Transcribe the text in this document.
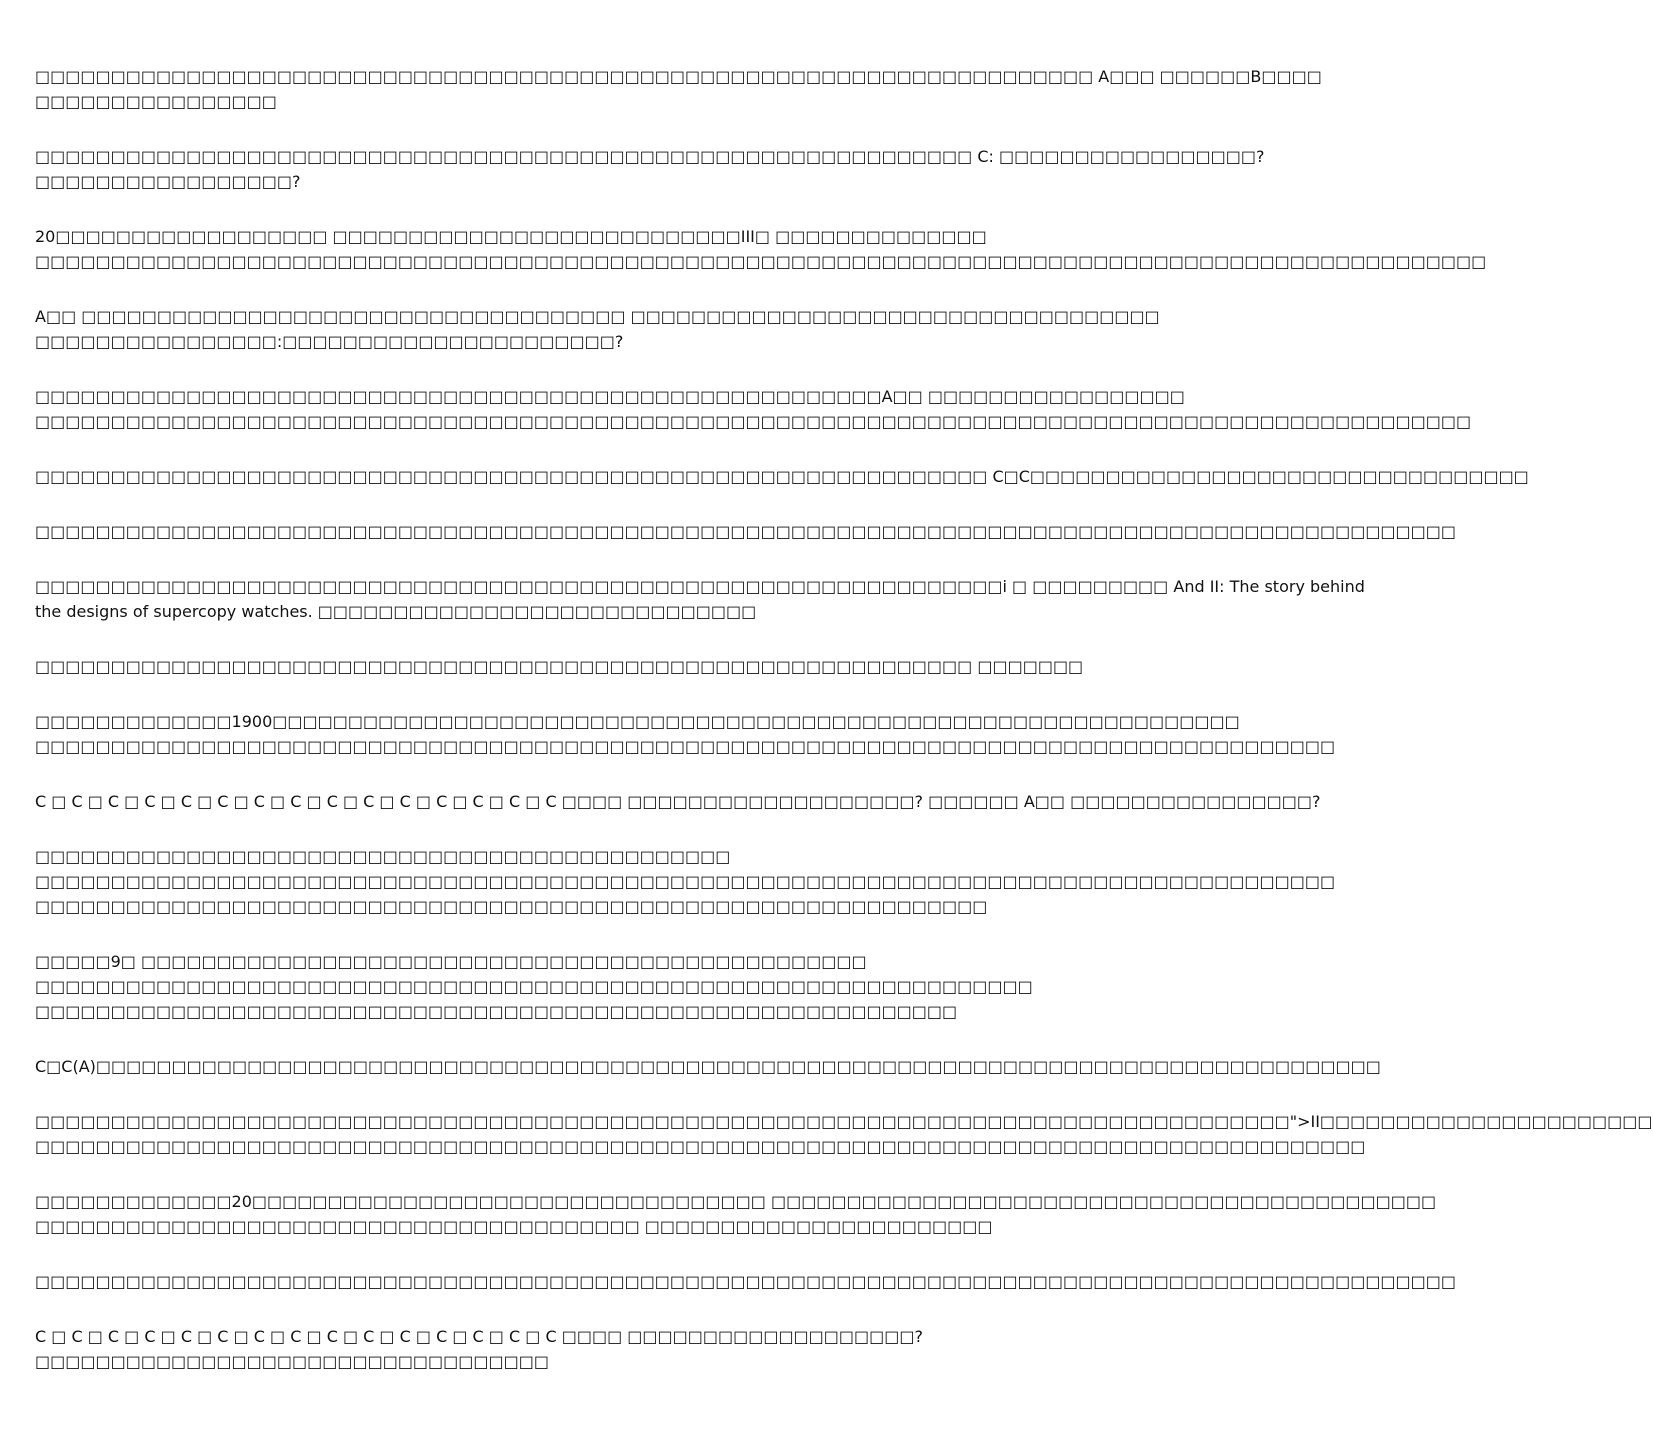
□□□□□□□□□□□□□□□□□□□□□□□□□□□□□□□□□□□□□□□□□□□□□□□□□□□□□□□□□□□□□□□□□□□□□□ A□□□ □□□□□□B□□□□
□□□□□□□□□□□□□□□□

□□□□□□□□□□□□□□□□□□□□□□□□□□□□□□□□□□□□□□□□□□□□□□□□□□□□□□□□□□□□□□ C: □□□□□□□□□□□□□□□□□?
□□□□□□□□□□□□□□□□□?

20□□□□□□□□□□□□□□□□□□ □□□□□□□□□□□□□□□□□□□□□□□□□□□III□ □□□□□□□□□□□□□□
□□□□□□□□□□□□□□□□□□□□□□□□□□□□□□□□□□□□□□□□□□□□□□□□□□□□□□□□□□□□□□□□□□□□□□□□□□□□□□□□□□□□□□□□□□□□□□□□

A□□ □□□□□□□□□□□□□□□□□□□□□□□□□□□□□□□□□□□□ □□□□□□□□□□□□□□□□□□□□□□□□□□□□□□□□□□□
□□□□□□□□□□□□□□□□:□□□□□□□□□□□□□□□□□□□□□□?

□□□□□□□□□□□□□□□□□□□□□□□□□□□□□□□□□□□□□□□□□□□□□□□□□□□□□□□□A□□ □□□□□□□□□□□□□□□□□
□□□□□□□□□□□□□□□□□□□□□□□□□□□□□□□□□□□□□□□□□□□□□□□□□□□□□□□□□□□□□□□□□□□□□□□□□□□□□□□□□□□□□□□□□□□□□□□

□□□□□□□□□□□□□□□□□□□□□□□□□□□□□□□□□□□□□□□□□□□□□□□□□□□□□□□□□□□□□□□ C□C□□□□□□□□□□□□□□□□□□□□□□□□□□□□□□□□□

□□□□□□□□□□□□□□□□□□□□□□□□□□□□□□□□□□□□□□□□□□□□□□□□□□□□□□□□□□□□□□□□□□□□□□□□□□□□□□□□□□□□□□□□□□□□□□

□□□□□□□□□□□□□□□□□□□□□□□□□□□□□□□□□□□□□□□□□□□□□□□□□□□□□□□□□□□□□□□□i □ □□□□□□□□□ And II: The story behind
the designs of supercopy watches. □□□□□□□□□□□□□□□□□□□□□□□□□□□□□

□□□□□□□□□□□□□□□□□□□□□□□□□□□□□□□□□□□□□□□□□□□□□□□□□□□□□□□□□□□□□□ □□□□□□□

□□□□□□□□□□□□□1900□□□□□□□□□□□□□□□□□□□□□□□□□□□□□□□□□□□□□□□□□□□□□□□□□□□□□□□□□□□□□□□□
□□□□□□□□□□□□□□□□□□□□□□□□□□□□□□□□□□□□□□□□□□□□□□□□□□□□□□□□□□□□□□□□□□□□□□□□□□□□□□□□□□□□□□

C □ C □ C □ C □ C □ C □ C □ C □ C □ C □ C □ C □ C □ C □ C □□□□ □□□□□□□□□□□□□□□□□□□? □□□□□□ A□□ □□□□□□□□□□□□□□□□?

□□□□□□□□□□□□□□□□□□□□□□□□□□□□□□□□□□□□□□□□□□□□□□
□□□□□□□□□□□□□□□□□□□□□□□□□□□□□□□□□□□□□□□□□□□□□□□□□□□□□□□□□□□□□□□□□□□□□□□□□□□□□□□□□□□□□□
□□□□□□□□□□□□□□□□□□□□□□□□□□□□□□□□□□□□□□□□□□□□□□□□□□□□□□□□□□□□□□□

□□□□□9□ □□□□□□□□□□□□□□□□□□□□□□□□□□□□□□□□□□□□□□□□□□□□□□□□
□□□□□□□□□□□□□□□□□□□□□□□□□□□□□□□□□□□□□□□□□□□□□□□□□□□□□□□□□□□□□□□□□□
□□□□□□□□□□□□□□□□□□□□□□□□□□□□□□□□□□□□□□□□□□□□□□□□□□□□□□□□□□□□□

C□C(A)□□□□□□□□□□□□□□□□□□□□□□□□□□□□□□□□□□□□□□□□□□□□□□□□□□□□□□□□□□□□□□□□□□□□□□□□□□□□□□□□□□□□□

□□□□□□□□□□□□□□□□□□□□□□□□□□□□□□□□□□□□□□□□□□□□□□□□□□□□□□□□□□□□□□□□□□□□□□□□□□□□□□□□□□□">II□□□□□□□□□□□□□□□□□□□□□□
□□□□□□□□□□□□□□□□□□□□□□□□□□□□□□□□□□□□□□□□□□□□□□□□□□□□□□□□□□□□□□□□□□□□□□□□□□□□□□□□□□□□□□□□

□□□□□□□□□□□□□20□□□□□□□□□□□□□□□□□□□□□□□□□□□□□□□□□□ □□□□□□□□□□□□□□□□□□□□□□□□□□□□□□□□□□□□□□□□□□□□
□□□□□□□□□□□□□□□□□□□□□□□□□□□□□□□□□□□□□□□□ □□□□□□□□□□□□□□□□□□□□□□□

□□□□□□□□□□□□□□□□□□□□□□□□□□□□□□□□□□□□□□□□□□□□□□□□□□□□□□□□□□□□□□□□□□□□□□□□□□□□□□□□□□□□□□□□□□□□□□

C □ C □ C □ C □ C □ C □ C □ C □ C □ C □ C □ C □ C □ C □ C □□□□ □□□□□□□□□□□□□□□□□□□?
□□□□□□□□□□□□□□□□□□□□□□□□□□□□□□□□□□
